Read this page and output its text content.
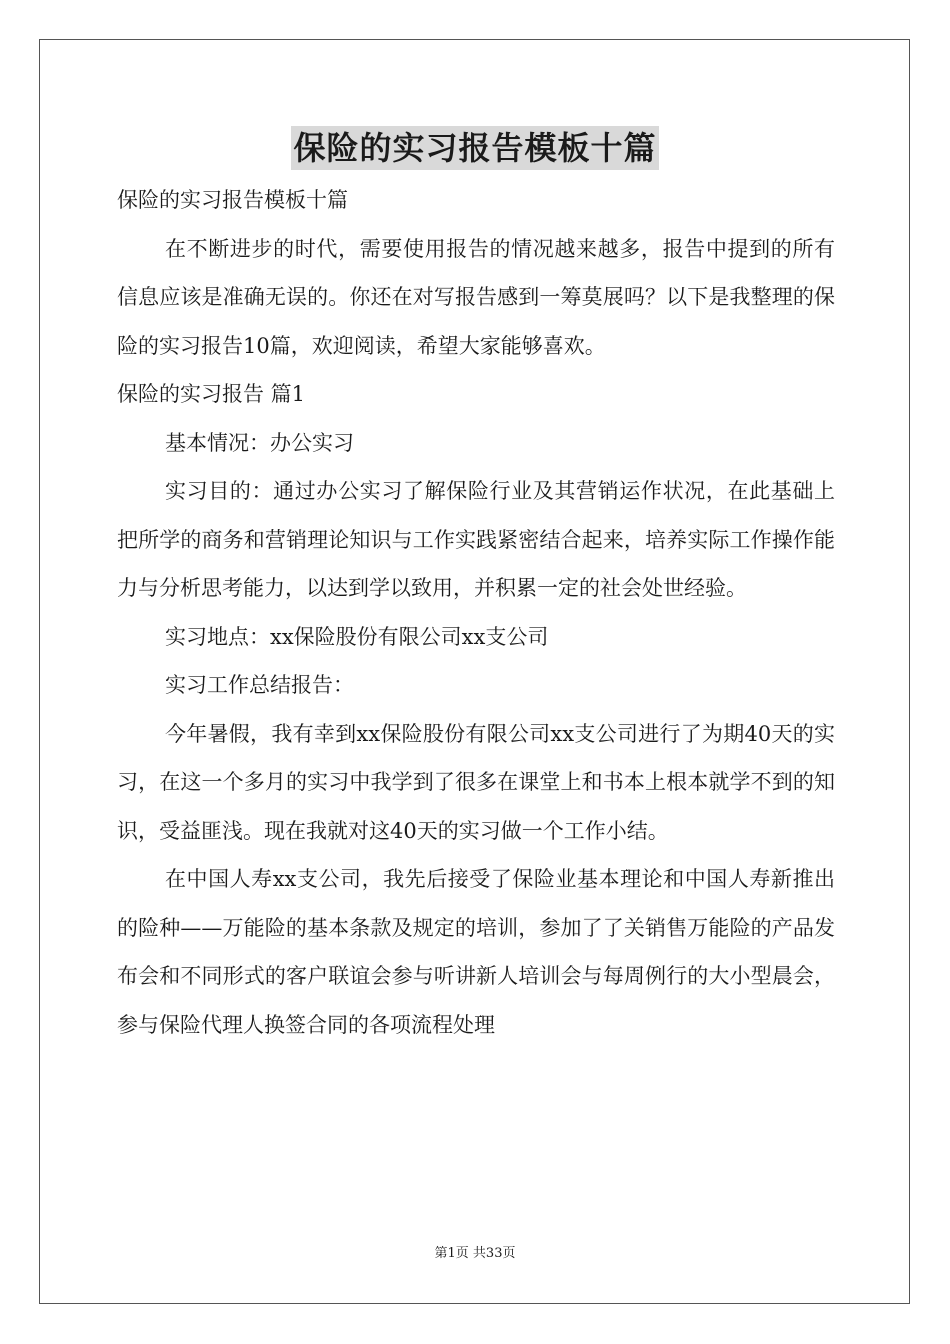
保险的实习报告模板十篇

保险的实习报告模板十篇

在不断进步的时代，需要使用报告的情况越来越多，报告中提到的所有信息应该是准确无误的。你还在对写报告感到一筹莫展吗？以下是我整理的保险的实习报告10篇，欢迎阅读，希望大家能够喜欢。

保险的实习报告 篇1

基本情况：办公实习

实习目的：通过办公实习了解保险行业及其营销运作状况，在此基础上把所学的商务和营销理论知识与工作实践紧密结合起来，培养实际工作操作能力与分析思考能力，以达到学以致用，并积累一定的社会处世经验。

实习地点：xx保险股份有限公司xx支公司

实习工作总结报告：

今年暑假，我有幸到xx保险股份有限公司xx支公司进行了为期40天的实习，在这一个多月的实习中我学到了很多在课堂上和书本上根本就学不到的知识，受益匪浅。现在我就对这40天的实习做一个工作小结。

在中国人寿xx支公司，我先后接受了保险业基本理论和中国人寿新推出的险种——万能险的基本条款及规定的培训，参加了了关销售万能险的产品发布会和不同形式的客户联谊会参与听讲新人培训会与每周例行的大小型晨会，参与保险代理人换签合同的各项流程处理

第1页 共33页
